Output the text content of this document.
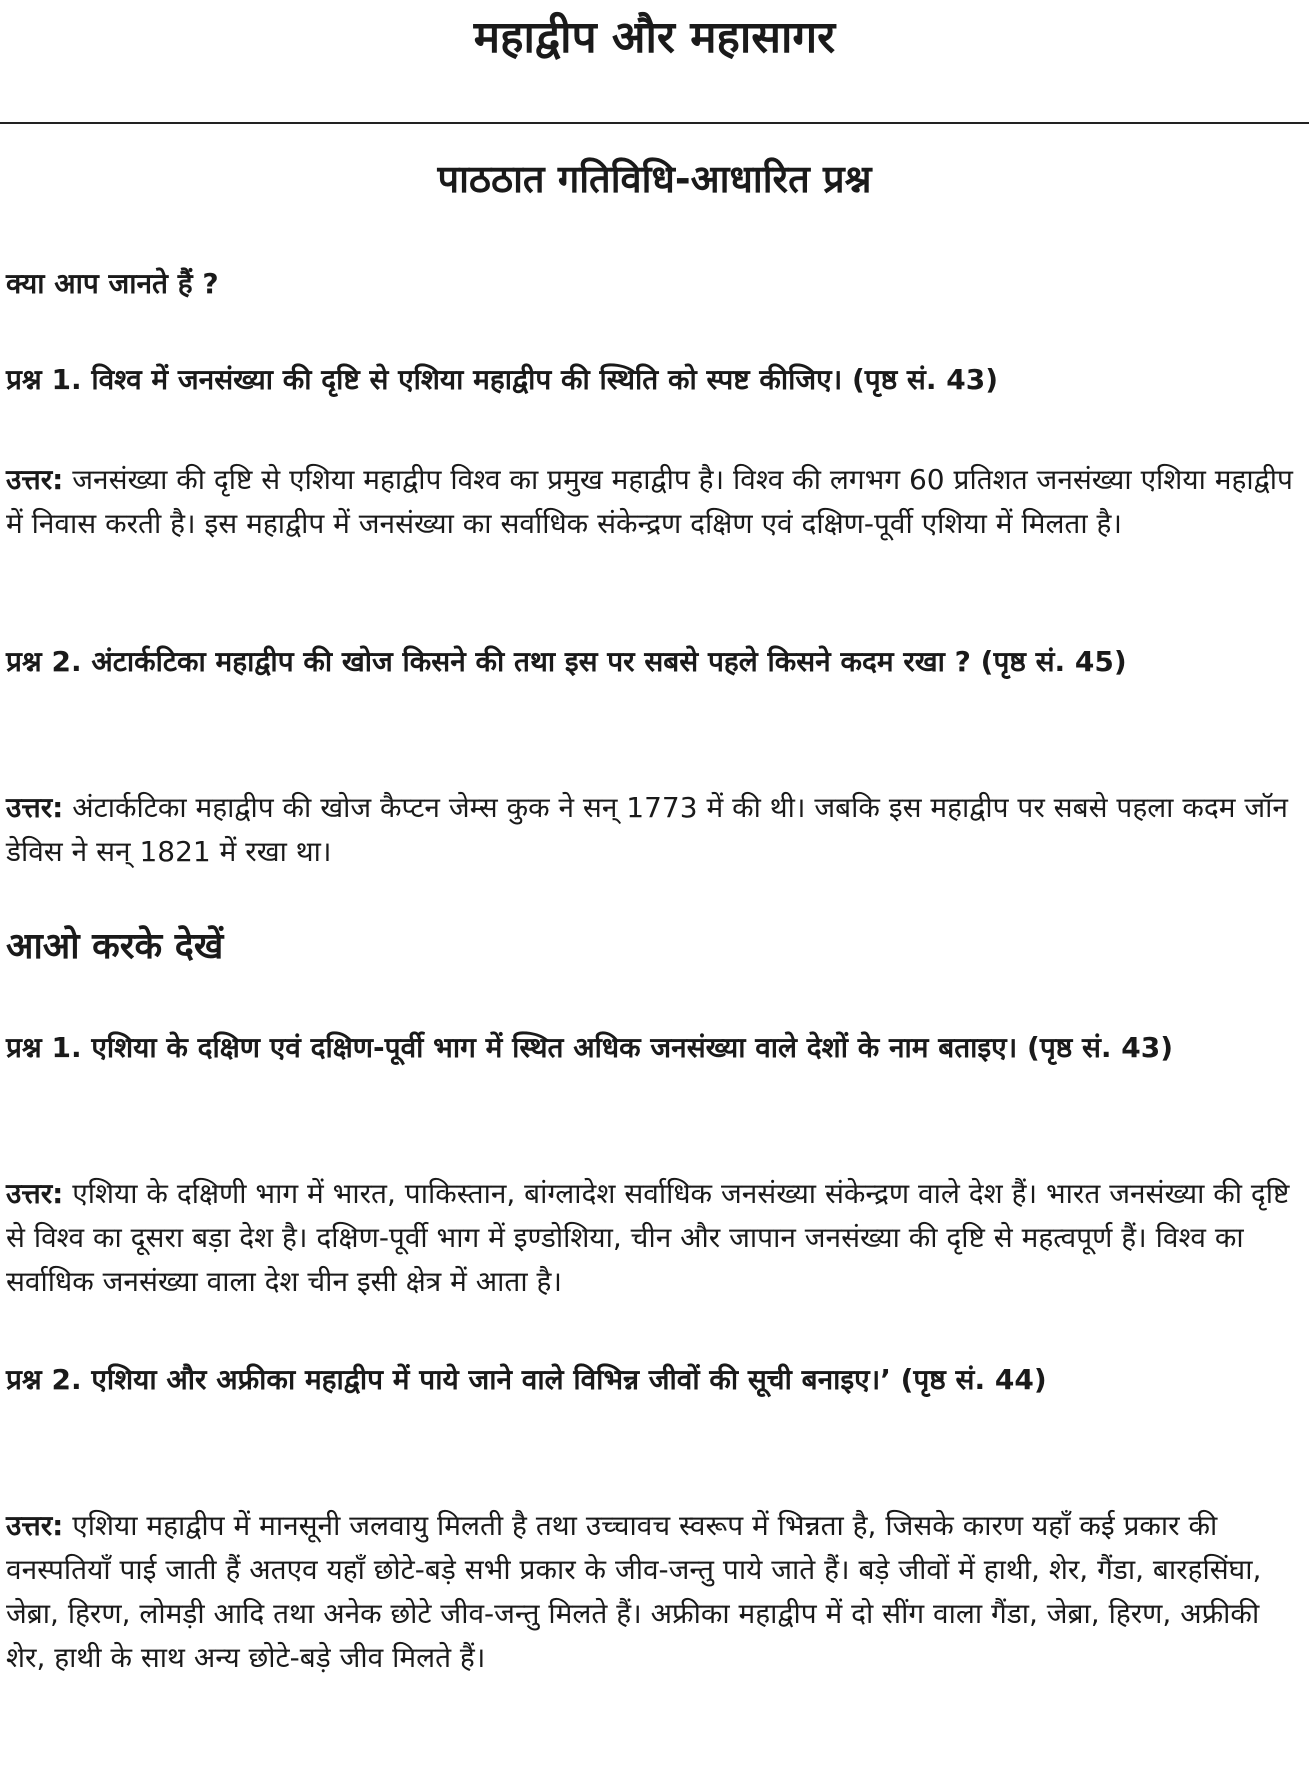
महाद्वीप और महासागर
पाठठात गतिविधि-आधारित प्रश्न

क्या आप जानते हैं ?

प्रश्न 1. विश्व में जनसंख्या की दृष्टि से एशिया महाद्वीप की स्थिति को स्पष्ट कीजिए। (पृष्ठ सं. 43)

उत्तर: जनसंख्या की दृष्टि से एशिया महाद्वीप विश्व का प्रमुख महाद्वीप है। विश्व की लगभग 60 प्रतिशत जनसंख्या एशिया महाद्वीप में निवास करती है। इस महाद्वीप में जनसंख्या का सर्वाधिक संकेन्द्रण दक्षिण एवं दक्षिण-पूर्वी एशिया में मिलता है।

प्रश्न 2. अंटार्कटिका महाद्वीप की खोज किसने की तथा इस पर सबसे पहले किसने कदम रखा ? (पृष्ठ सं. 45)

उत्तर: अंटार्कटिका महाद्वीप की खोज कैप्टन जेम्स कुक ने सन् 1773 में की थी। जबकि इस महाद्वीप पर सबसे पहला कदम जॉन डेविस ने सन् 1821 में रखा था।

आओ करके देखें

प्रश्न 1. एशिया के दक्षिण एवं दक्षिण-पूर्वी भाग में स्थित अधिक जनसंख्या वाले देशों के नाम बताइए। (पृष्ठ सं. 43)

उत्तर: एशिया के दक्षिणी भाग में भारत, पाकिस्तान, बांग्लादेश सर्वाधिक जनसंख्या संकेन्द्रण वाले देश हैं। भारत जनसंख्या की दृष्टि से विश्व का दूसरा बड़ा देश है। दक्षिण-पूर्वी भाग में इण्डोशिया, चीन और जापान जनसंख्या की दृष्टि से महत्वपूर्ण हैं। विश्व का सर्वाधिक जनसंख्या वाला देश चीन इसी क्षेत्र में आता है।

प्रश्न 2. एशिया और अफ्रीका महाद्वीप में पाये जाने वाले विभिन्न जीवों की सूची बनाइए।’ (पृष्ठ सं. 44)

उत्तर: एशिया महाद्वीप में मानसूनी जलवायु मिलती है तथा उच्चावच स्वरूप में भिन्नता है, जिसके कारण यहाँ कई प्रकार की वनस्पतियाँ पाई जाती हैं अतएव यहाँ छोटे-बड़े सभी प्रकार के जीव-जन्तु पाये जाते हैं। बड़े जीवों में हाथी, शेर, गैंडा, बारहसिंघा, जेब्रा, हिरण, लोमड़ी आदि तथा अनेक छोटे जीव-जन्तु मिलते हैं। अफ्रीका महाद्वीप में दो सींग वाला गैंडा, जेब्रा, हिरण, अफ्रीकी शेर, हाथी के साथ अन्य छोटे-बड़े जीव मिलते हैं।
